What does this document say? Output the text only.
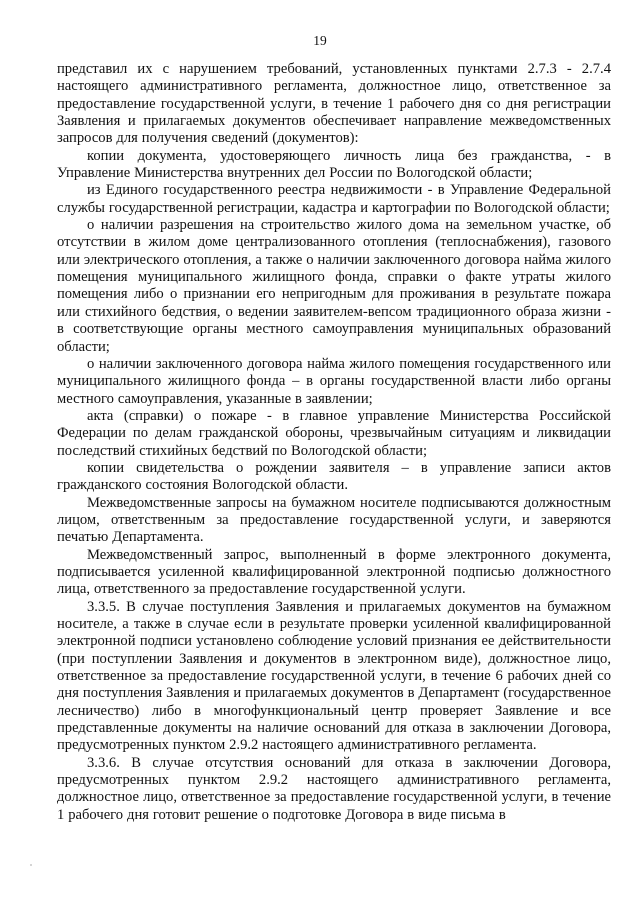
19

представил их с нарушением требований, установленных пунктами 2.7.3 - 2.7.4 настоящего административного регламента, должностное лицо, ответственное за предоставление государственной услуги, в течение 1 рабочего дня со дня регистрации Заявления и прилагаемых документов обеспечивает направление межведомственных запросов для получения сведений (документов):

копии документа, удостоверяющего личность лица без гражданства, - в Управление Министерства внутренних дел России по Вологодской области;

из Единого государственного реестра недвижимости - в Управление Федеральной службы государственной регистрации, кадастра и картографии по Вологодской области;

о наличии разрешения на строительство жилого дома на земельном участке, об отсутствии в жилом доме централизованного отопления (теплоснабжения), газового или электрического отопления, а также о наличии заключенного договора найма жилого помещения муниципального жилищного фонда, справки о факте утраты жилого помещения либо о признании его непригодным для проживания в результате пожара или стихийного бедствия, о ведении заявителем-вепсом традиционного образа жизни - в соответствующие органы местного самоуправления муниципальных образований области;

о наличии заключенного договора найма жилого помещения государственного или муниципального жилищного фонда – в органы государственной власти либо органы местного самоуправления, указанные в заявлении;

акта (справки) о пожаре - в главное управление Министерства Российской Федерации по делам гражданской обороны, чрезвычайным ситуациям и ликвидации последствий стихийных бедствий по Вологодской области;

копии свидетельства о рождении заявителя – в управление записи актов гражданского состояния Вологодской области.

Межведомственные запросы на бумажном носителе подписываются должностным лицом, ответственным за предоставление государственной услуги, и заверяются печатью Департамента.

Межведомственный запрос, выполненный в форме электронного документа, подписывается усиленной квалифицированной электронной подписью должностного лица, ответственного за предоставление государственной услуги.

3.3.5. В случае поступления Заявления и прилагаемых документов на бумажном носителе, а также в случае если в результате проверки усиленной квалифицированной электронной подписи установлено соблюдение условий признания ее действительности (при поступлении Заявления и документов в электронном виде), должностное лицо, ответственное за предоставление государственной услуги, в течение 6 рабочих дней со дня поступления Заявления и прилагаемых документов в Департамент (государственное лесничество) либо в многофункциональный центр проверяет Заявление и все представленные документы на наличие оснований для отказа в заключении Договора, предусмотренных пунктом 2.9.2 настоящего административного регламента.

3.3.6. В случае отсутствия оснований для отказа в заключении Договора, предусмотренных пунктом 2.9.2 настоящего административного регламента, должностное лицо, ответственное за предоставление государственной услуги, в течение 1 рабочего дня готовит решение о подготовке Договора в виде письма в
